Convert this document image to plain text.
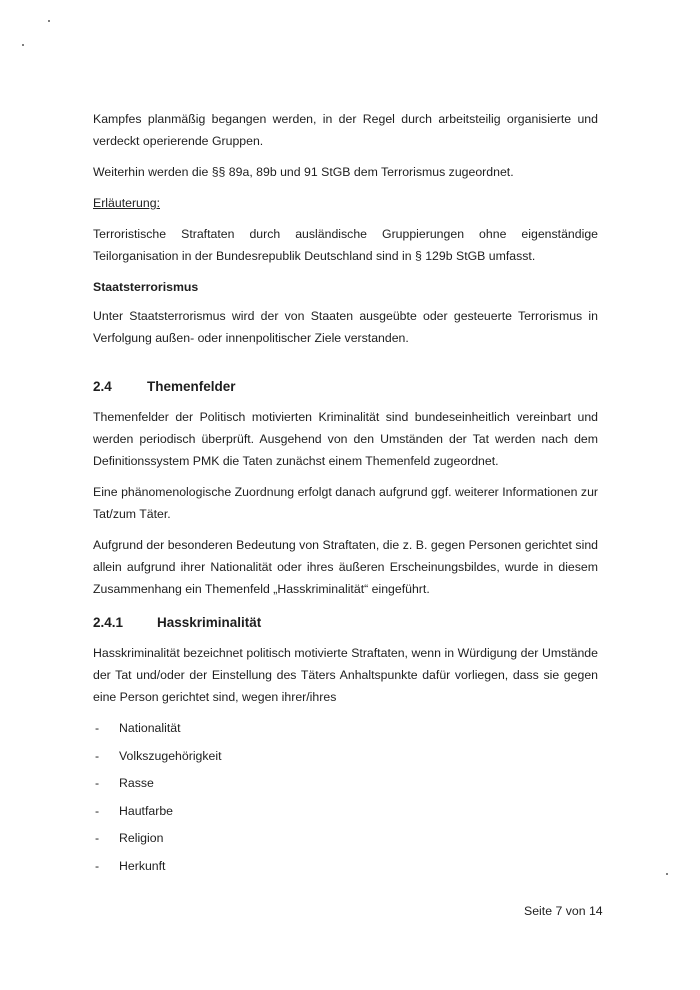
Kampfes planmäßig begangen werden, in der Regel durch arbeitsteilig organisierte und verdeckt operierende Gruppen.

Weiterhin werden die §§ 89a, 89b und 91 StGB dem Terrorismus zugeordnet.

Erläuterung:

Terroristische Straftaten durch ausländische Gruppierungen ohne eigenständige Teilorganisation in der Bundesrepublik Deutschland sind in § 129b StGB umfasst.

Staatsterrorismus

Unter Staatsterrorismus wird der von Staaten ausgeübte oder gesteuerte Terrorismus in Verfolgung außen- oder innenpolitischer Ziele verstanden.

2.4	Themenfelder

Themenfelder der Politisch motivierten Kriminalität sind bundeseinheitlich vereinbart und werden periodisch überprüft. Ausgehend von den Umständen der Tat werden nach dem Definitionssystem PMK die Taten zunächst einem Themenfeld zugeordnet.

Eine phänomenologische Zuordnung erfolgt danach aufgrund ggf. weiterer Informationen zur Tat/zum Täter.

Aufgrund der besonderen Bedeutung von Straftaten, die z. B. gegen Personen gerichtet sind allein aufgrund ihrer Nationalität oder ihres äußeren Erscheinungsbildes, wurde in diesem Zusammenhang ein Themenfeld „Hasskriminalität“ eingeführt.

2.4.1	Hasskriminalität

Hasskriminalität bezeichnet politisch motivierte Straftaten, wenn in Würdigung der Umstände der Tat und/oder der Einstellung des Täters Anhaltspunkte dafür vorliegen, dass sie gegen eine Person gerichtet sind, wegen ihrer/ihres

-	Nationalität
-	Volkszugehörigkeit
-	Rasse
-	Hautfarbe
-	Religion
-	Herkunft
Seite 7 von 14
